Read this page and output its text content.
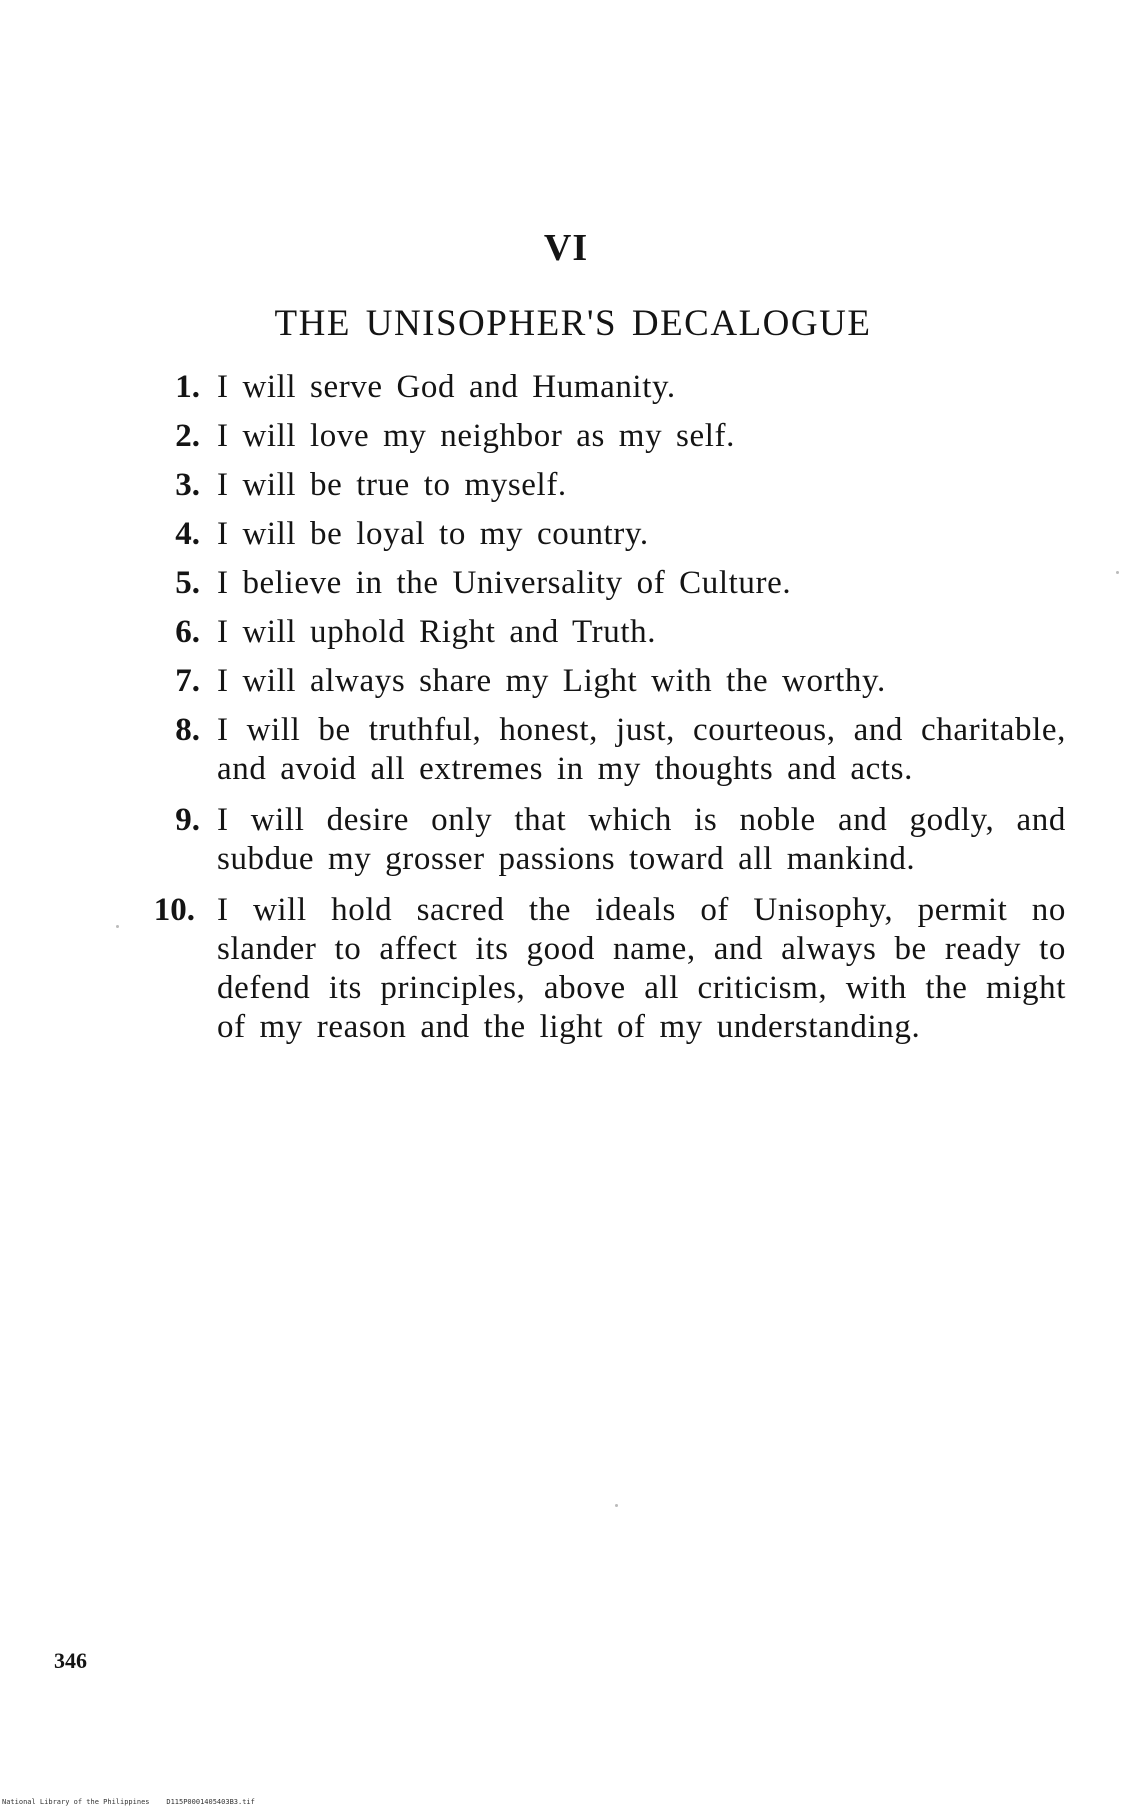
VI
THE UNISOPHER'S DECALOGUE
1. I will serve God and Humanity.
2. I will love my neighbor as my self.
3. I will be true to myself.
4. I will be loyal to my country.
5. I believe in the Universality of Culture.
6. I will uphold Right and Truth.
7. I will always share my Light with the worthy.
8. I will be truthful, honest, just, courteous, and charitable, and avoid all extremes in my thoughts and acts.
9. I will desire only that which is noble and godly, and subdue my grosser passions toward all mankind.
10. I will hold sacred the ideals of Unisophy, permit no slander to affect its good name, and always be ready to defend its principles, above all criticism, with the might of my reason and the light of my understanding.
346
National Library of the Philippines    D115P0001405403B3.tif
